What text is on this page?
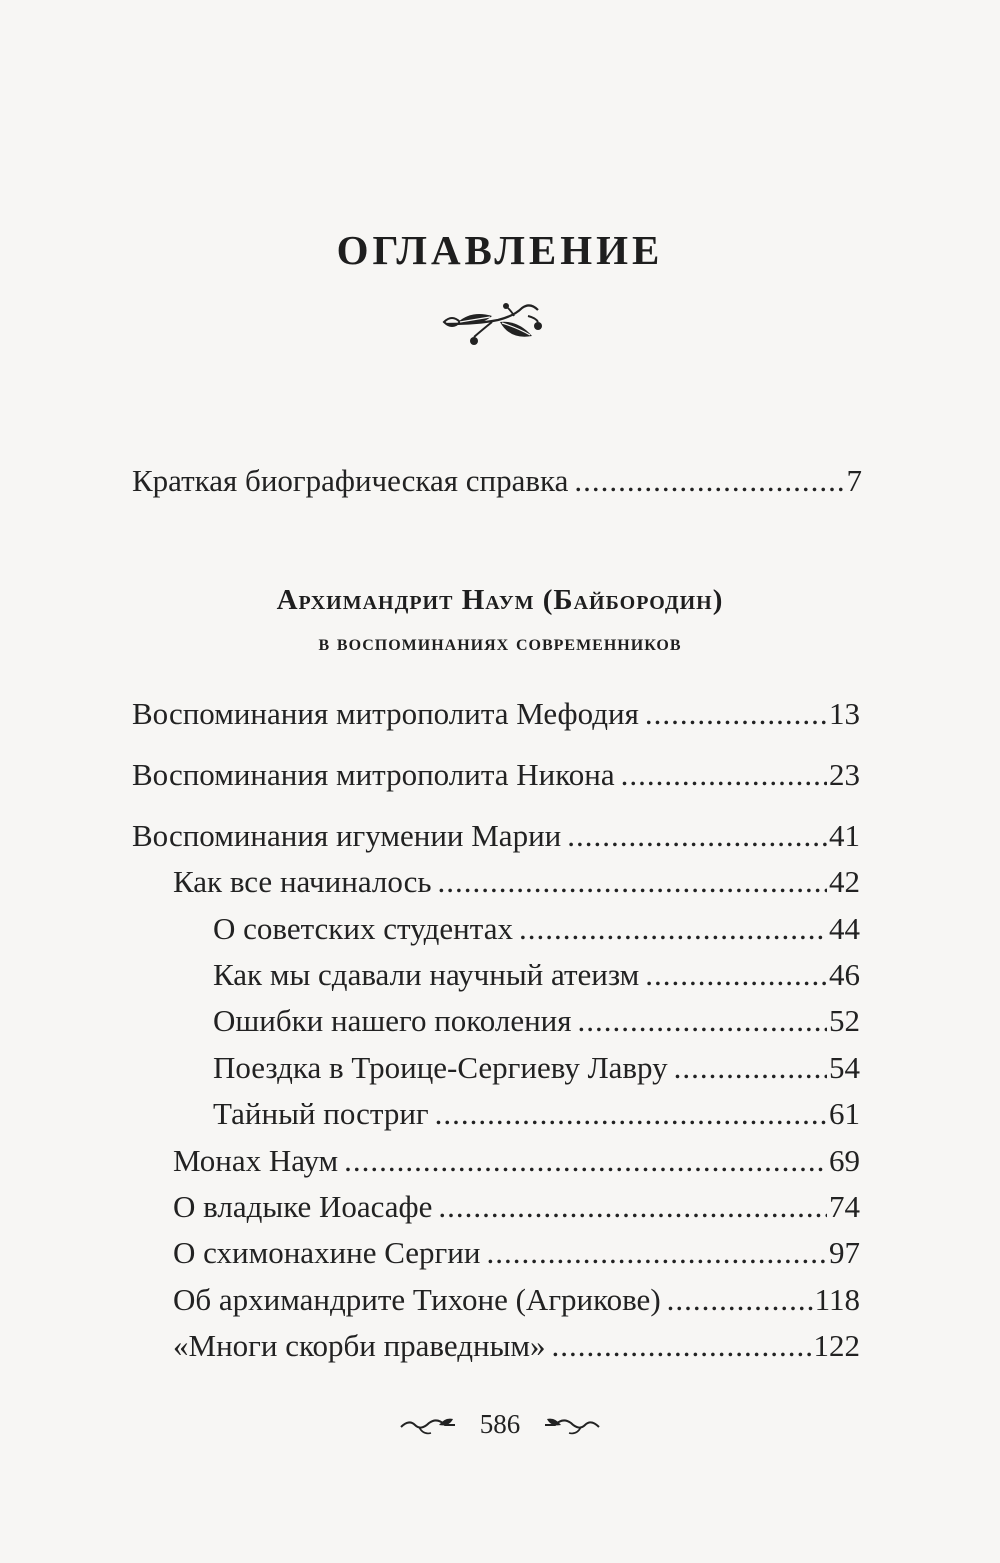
ОГЛАВЛЕНИЕ
Краткая биографическая справка .....	7
Архимандрит Наум (Байбородин)
в воспоминаниях современников
Воспоминания митрополита Мефодия .....	13
Воспоминания митрополита Никона .....	23
Воспоминания игумении Марии .....	41
Как все начиналось .....	42
О советских студентах .....	44
Как мы сдавали научный атеизм .....	46
Ошибки нашего поколения .....	52
Поездка в Троице-Сергиеву Лавру .....	54
Тайный постриг .....	61
Монах Наум .....	69
О владыке Иоасафе .....	74
О схимонахине Сергии .....	97
Об архимандрите Тихоне (Агрикове) .....	118
«Многи скорби праведным» .....	122
586
